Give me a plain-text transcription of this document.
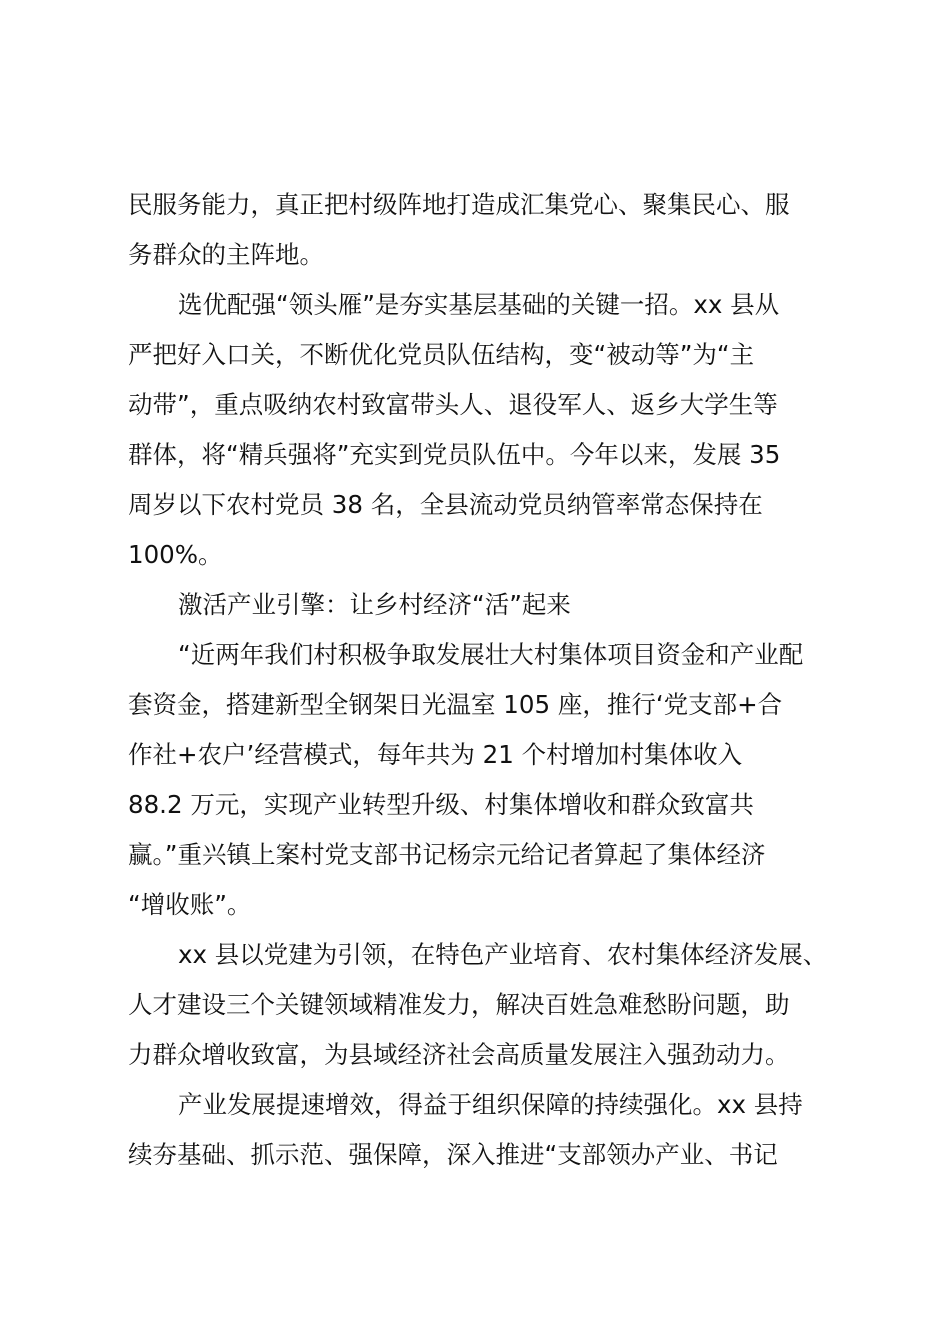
民服务能力，真正把村级阵地打造成汇集党心、聚集民心、服
务群众的主阵地。
选优配强“领头雁”是夯实基层基础的关键一招。xx 县从
严把好入口关，不断优化党员队伍结构，变“被动等”为“主
动带”，重点吸纳农村致富带头人、退役军人、返乡大学生等
群体，将“精兵强将”充实到党员队伍中。今年以来，发展 35
周岁以下农村党员 38 名，全县流动党员纳管率常态保持在
100%。
激活产业引擎：让乡村经济“活”起来
“近两年我们村积极争取发展壮大村集体项目资金和产业配
套资金，搭建新型全钢架日光温室 105 座，推行‘党支部+合
作社+农户’经营模式，每年共为 21 个村增加村集体收入
88.2 万元，实现产业转型升级、村集体增收和群众致富共
赢。”重兴镇上案村党支部书记杨宗元给记者算起了集体经济
“增收账”。
xx 县以党建为引领，在特色产业培育、农村集体经济发展、
人才建设三个关键领域精准发力，解决百姓急难愁盼问题，助
力群众增收致富，为县域经济社会高质量发展注入强劲动力。
产业发展提速增效，得益于组织保障的持续强化。xx 县持
续夯基础、抓示范、强保障，深入推进“支部领办产业、书记
